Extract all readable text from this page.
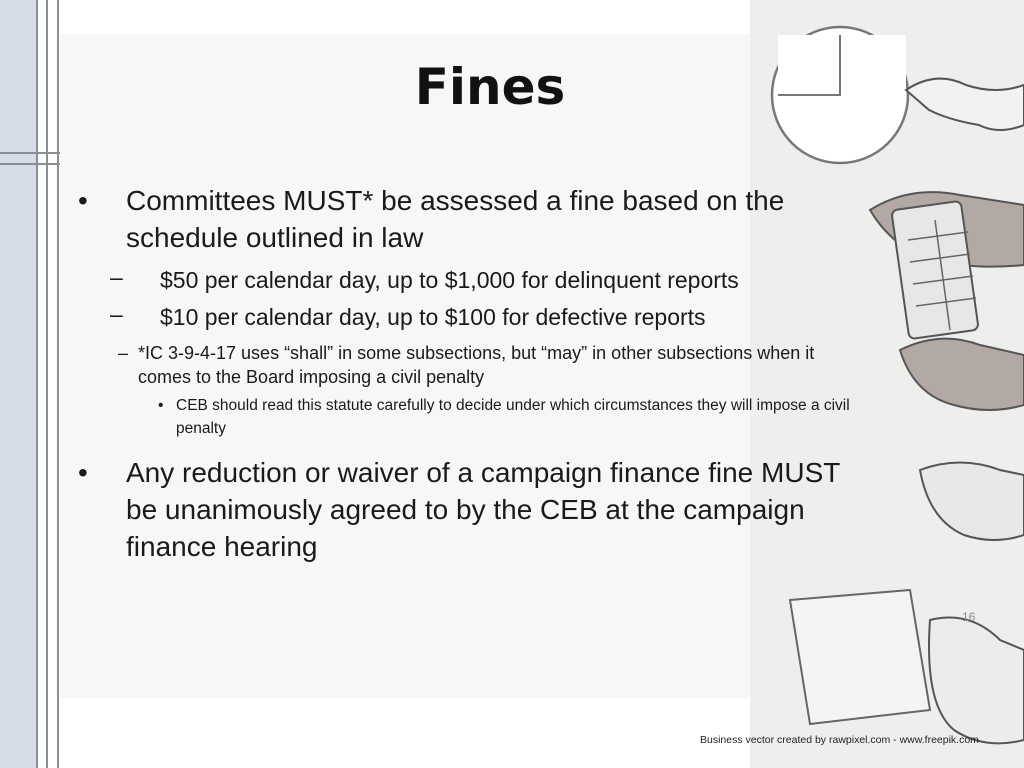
Fines
• Committees MUST* be assessed a fine based on the schedule outlined in law
– $50 per calendar day, up to $1,000 for delinquent reports
– $10 per calendar day, up to $100 for defective reports
– *IC 3-9-4-17 uses “shall” in some subsections, but “may” in other subsections when it comes to the Board imposing a civil penalty
• CEB should read this statute carefully to decide under which circumstances they will impose a civil penalty
• Any reduction or waiver of a campaign finance fine MUST be unanimously agreed to by the CEB at the campaign finance hearing
16
Business vector created by rawpixel.com - www.freepik.com
